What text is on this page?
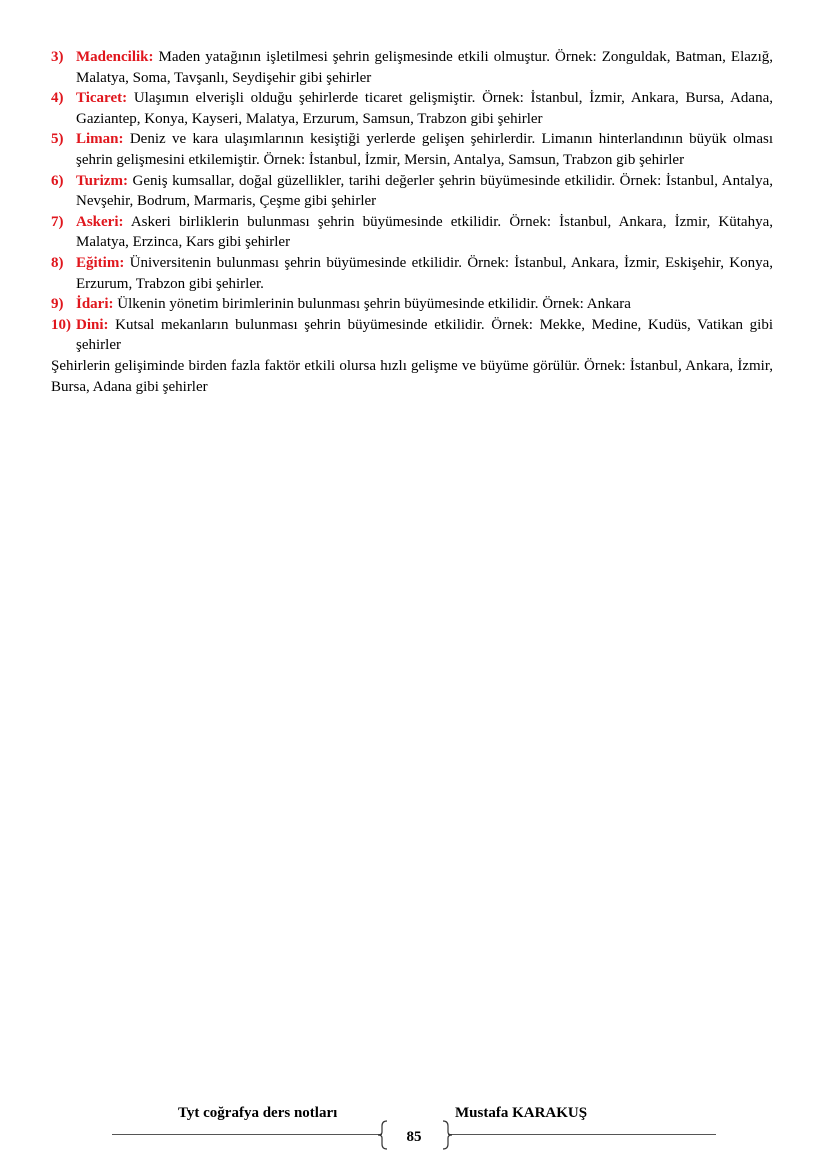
3) Madencilik: Maden yatağının işletilmesi şehrin gelişmesinde etkili olmuştur. Örnek: Zonguldak, Batman, Elazığ, Malatya, Soma, Tavşanlı, Seydişehir gibi şehirler
4) Ticaret: Ulaşımın elverişli olduğu şehirlerde ticaret gelişmiştir. Örnek: İstanbul, İzmir, Ankara, Bursa, Adana, Gaziantep, Konya, Kayseri, Malatya, Erzurum, Samsun, Trabzon gibi şehirler
5) Liman: Deniz ve kara ulaşımlarının kesiştiği yerlerde gelişen şehirlerdir. Limanın hinterlandının büyük olması şehrin gelişmesini etkilemiştir. Örnek: İstanbul, İzmir, Mersin, Antalya, Samsun, Trabzon gib şehirler
6) Turizm: Geniş kumsallar, doğal güzellikler, tarihi değerler şehrin büyümesinde etkilidir. Örnek: İstanbul, Antalya, Nevşehir, Bodrum, Marmaris, Çeşme gibi şehirler
7) Askeri: Askeri birliklerin bulunması şehrin büyümesinde etkilidir. Örnek: İstanbul, Ankara, İzmir, Kütahya, Malatya, Erzinca, Kars gibi şehirler
8) Eğitim: Üniversitenin bulunması şehrin büyümesinde etkilidir. Örnek: İstanbul, Ankara, İzmir, Eskişehir, Konya, Erzurum, Trabzon gibi şehirler.
9) İdari: Ülkenin yönetim birimlerinin bulunması şehrin büyümesinde etkilidir. Örnek: Ankara
10) Dini: Kutsal mekanların bulunması şehrin büyümesinde etkilidir. Örnek: Mekke, Medine, Kudüs, Vatikan gibi şehirler
Şehirlerin gelişiminde birden fazla faktör etkili olursa hızlı gelişme ve büyüme görülür. Örnek: İstanbul, Ankara, İzmir, Bursa, Adana gibi şehirler
Tyt coğrafya ders notları	Mustafa KARAKUŞ
85
